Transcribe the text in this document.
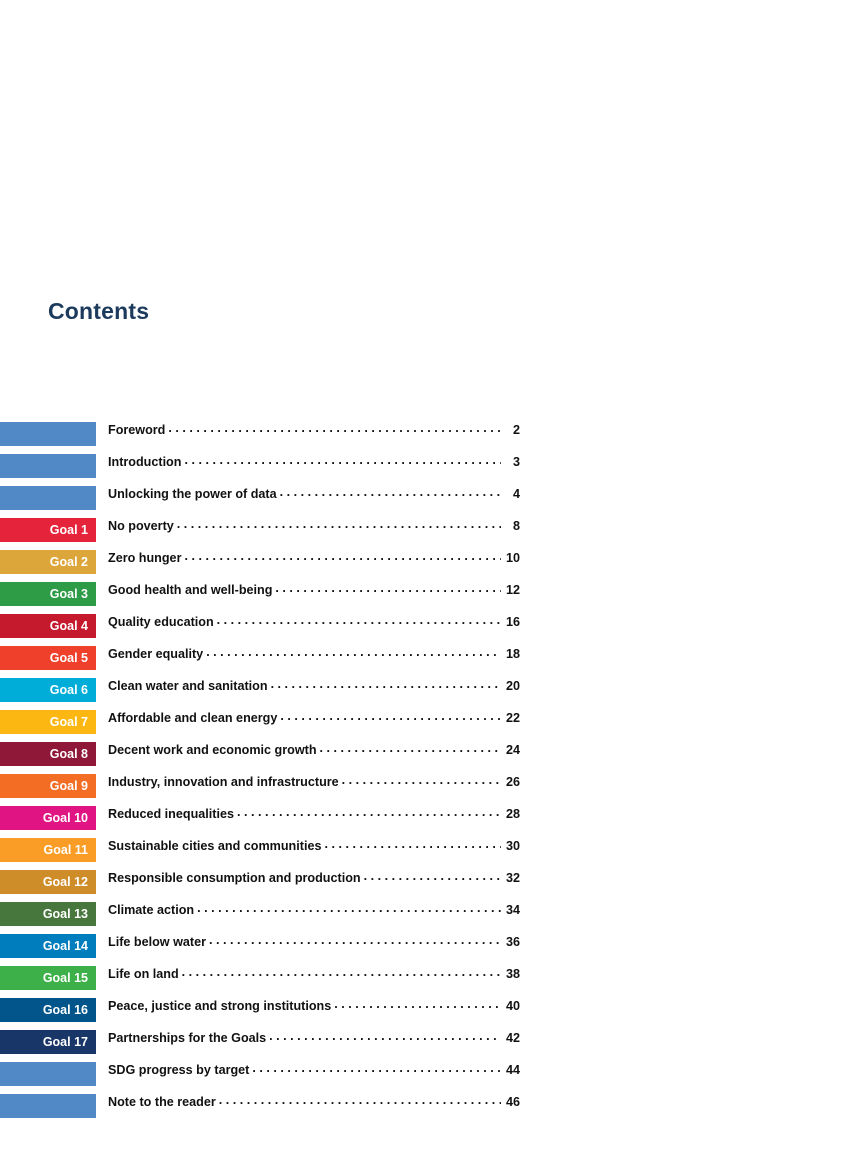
Contents
Foreword . . .	2
Introduction . . .	3
Unlocking the power of data . . .	4
Goal 1	No poverty . . .	8
Goal 2	Zero hunger . . .	10
Goal 3	Good health and well-being . . .	12
Goal 4	Quality education . . .	16
Goal 5	Gender equality . . .	18
Goal 6	Clean water and sanitation . . .	20
Goal 7	Affordable and clean energy . . .	22
Goal 8	Decent work and economic growth . . .	24
Goal 9	Industry, innovation and infrastructure . . .	26
Goal 10	Reduced inequalities . . .	28
Goal 11	Sustainable cities and communities . . .	30
Goal 12	Responsible consumption and production . . .	32
Goal 13	Climate action . . .	34
Goal 14	Life below water . . .	36
Goal 15	Life on land . . .	38
Goal 16	Peace, justice and strong institutions . . .	40
Goal 17	Partnerships for the Goals . . .	42
SDG progress by target . . .	44
Note to the reader . . .	46
